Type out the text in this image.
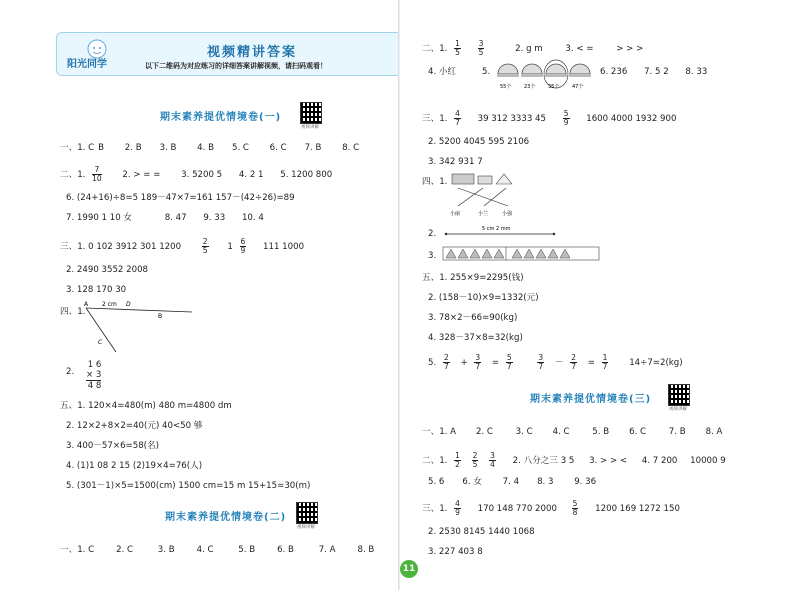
阳光同学
视频精讲答案
以下二维码为对应练习的详细答案讲解视频，请扫码观看！
期末素养提优情境卷(一)
视频讲解
一、1. C B 2. B 3. B 4. B 5. C 6. C 7. B 8. C
二、1. $\frac{7}{10} 2$. > = = 3. 5200 5 4. 2 1 5. 1200 800
6. (24+16)÷8=5 189－47×7=161 157－(42÷26)=89
7. 1990 1 10 女	8. 47 9. 33 10. 4
三、1. 0 102 3912 301 1200	$\frac{2}{5} 1 \frac{6}{9} 111$ 1000
2. 2490 3552 2008
3. 128 170 30
四、1.
A 2 cm D
B
C
2.
1 6
× 3
4 8
五、1. 120×4=480(m) 480 m=4800 dm
2. 12×2+8×2=40(元) 40<50 够
3. 400－57×6=58(名)
4. (1)1 08 2 15 (2)19×4=76(人)
5. (301－1)×5=1500(cm) 1500 cm=15 m 15+15=30(m)
期末素养提优情境卷(二)
视频讲解
一、1. C	2. C	3. B	4. C	5. B	6. B	7. A	8. B
二、1. $\frac{1}{5}$
$\frac{3}{5}$	2. g m	3. < =	> > >
4. 小红	5.
55个	23个	35个	47个
6. 236 7. 5 2 8. 33
三、1. $\frac{4}{7} 39$ 312 3333 $45 \frac{5}{9} 1600$ 4000 1932 900
2. 5200 4045 595 2106
3. 342 931 7
四、1.
小丽	小兰	小强
2.	5 cm 2 mm
3.
五、1. 255×9=2295(钱)
2. (158－10)×9=1332(元)
3. 78×2－66=90(kg)
4. 328－37×8=32(kg)
5. $\frac{2}{7} + \frac{3}{7} = \frac{5}{7}$
	$\frac{3}{7} - \frac{2}{7} = \frac{1}{7} 14\div 7=2(kg)$
期末素养提优情境卷(三)
视频讲解
一、1. A 2. C	3. C 4. C	5. B 6. C	7. B 8. A
二、1. $\frac{1}{2}$
$\frac{2}{5}$
$\frac{3}{4} 2$. 八分之三 3 5 3. > > < 4. 7 200 10000 9
5. 6 6. 女 7. 4 8. 3 9. 36
三、1. $\frac{4}{9} 170$ 148 770 $2000 \frac{5}{8} 1200$ 169 1272 150
2. 2530 8145 1440 1068
3. 227 403 8
11
